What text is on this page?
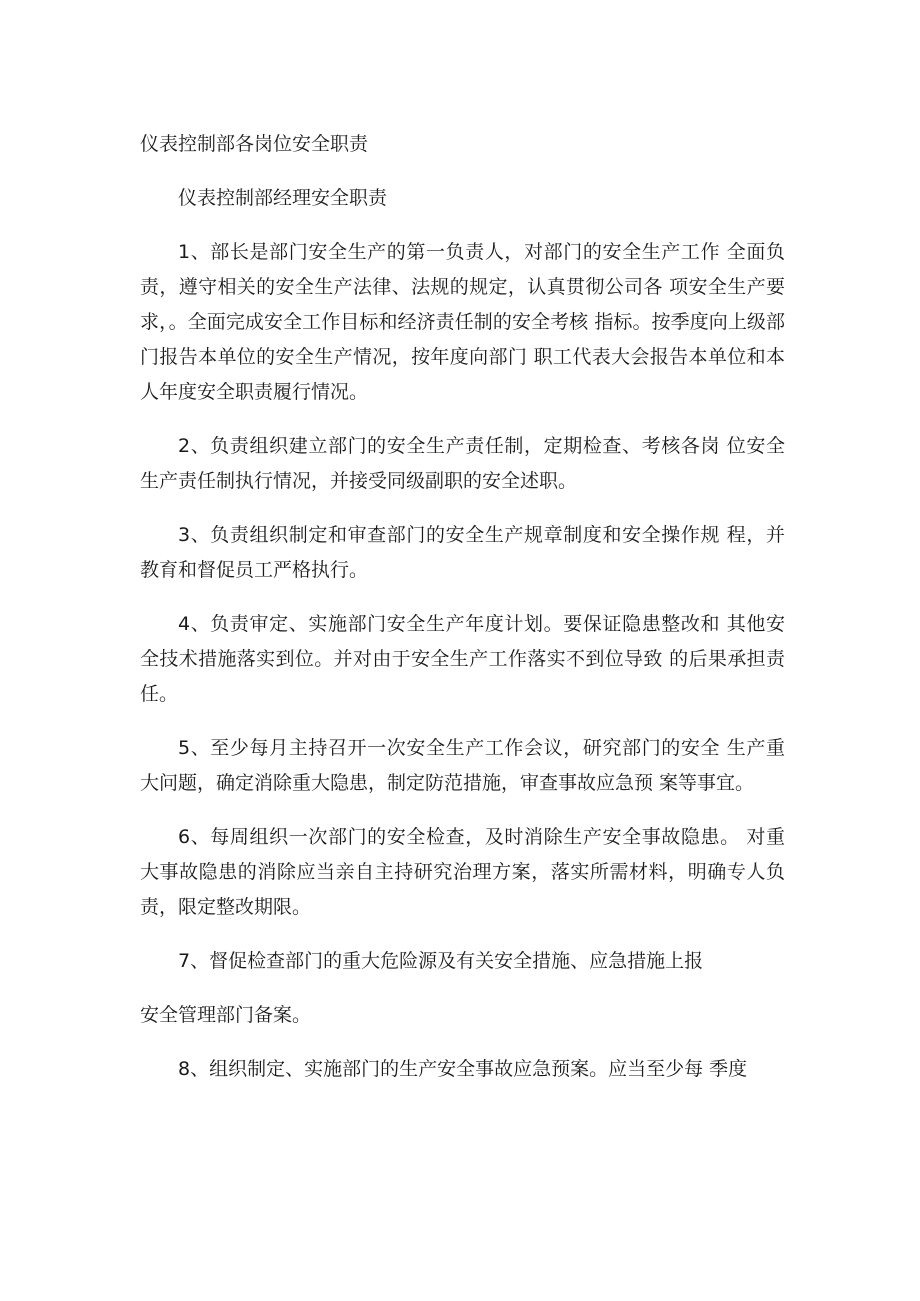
仪表控制部各岗位安全职责
仪表控制部经理安全职责

1、部长是部门安全生产的第一负责人，对部门的安全生产工作 全面负责，遵守相关的安全生产法律、法规的规定，认真贯彻公司各 项安全生产要求，。全面完成安全工作目标和经济责任制的安全考核 指标。按季度向上级部门报告本单位的安全生产情况，按年度向部门 职工代表大会报告本单位和本人年度安全职责履行情况。

2、负责组织建立部门的安全生产责任制，定期检查、考核各岗 位安全生产责任制执行情况，并接受同级副职的安全述职。

3、负责组织制定和审查部门的安全生产规章制度和安全操作规 程，并教育和督促员工严格执行。

4、负责审定、实施部门安全生产年度计划。要保证隐患整改和 其他安全技术措施落实到位。并对由于安全生产工作落实不到位导致 的后果承担责任。

5、至少每月主持召开一次安全生产工作会议，研究部门的安全 生产重大问题，确定消除重大隐患，制定防范措施，审查事故应急预 案等事宜。

6、每周组织一次部门的安全检查，及时消除生产安全事故隐患。 对重大事故隐患的消除应当亲自主持研究治理方案，落实所需材料，明确专人负责，限定整改期限。

7、督促检查部门的重大危险源及有关安全措施、应急措施上报

安全管理部门备案。

8、组织制定、实施部门的生产安全事故应急预案。应当至少每 季度
